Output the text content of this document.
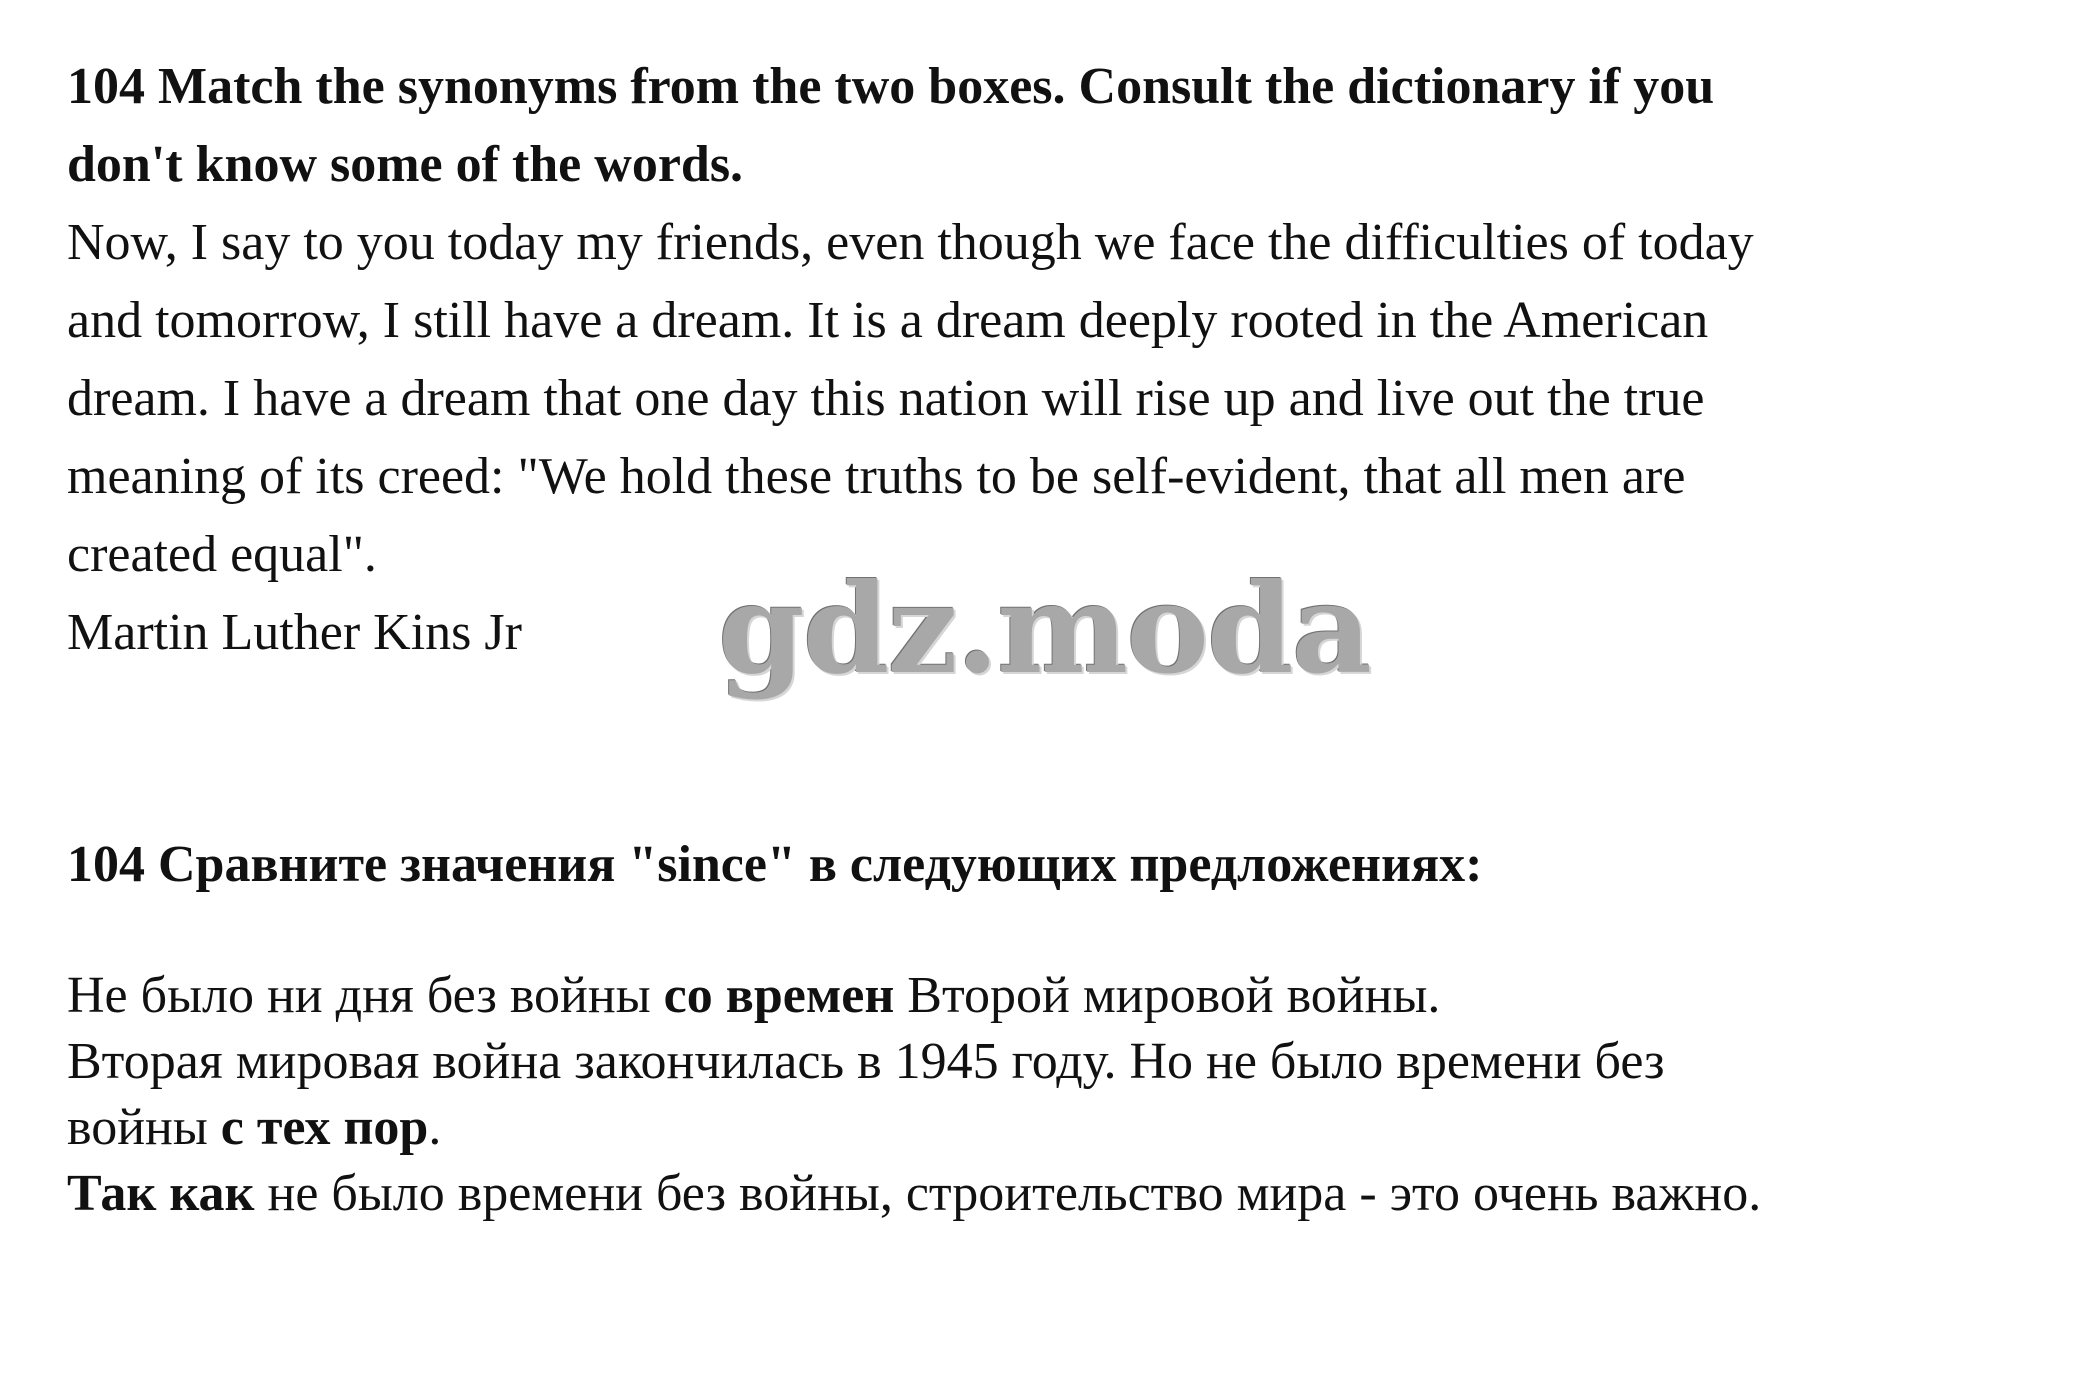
104 Match the synonyms from the two boxes. Consult the dictionary if you
don't know some of the words.
Now, I say to you today my friends, even though we face the difficulties of today
and tomorrow, I still have a dream. It is a dream deeply rooted in the American
dream. I have a dream that one day this nation will rise up and live out the true
meaning of its creed: "We hold these truths to be self-evident, that all men are
created equal".
Martin Luther Kins Jr	gdz.moda
104 Сравните значения "since" в следующих предложениях:
Не было ни дня без войны со времен Второй мировой войны.
Вторая мировая война закончилась в 1945 году. Но не было времени без
войны с тех пор.
Так как не было времени без войны, строительство мира - это очень важно.
